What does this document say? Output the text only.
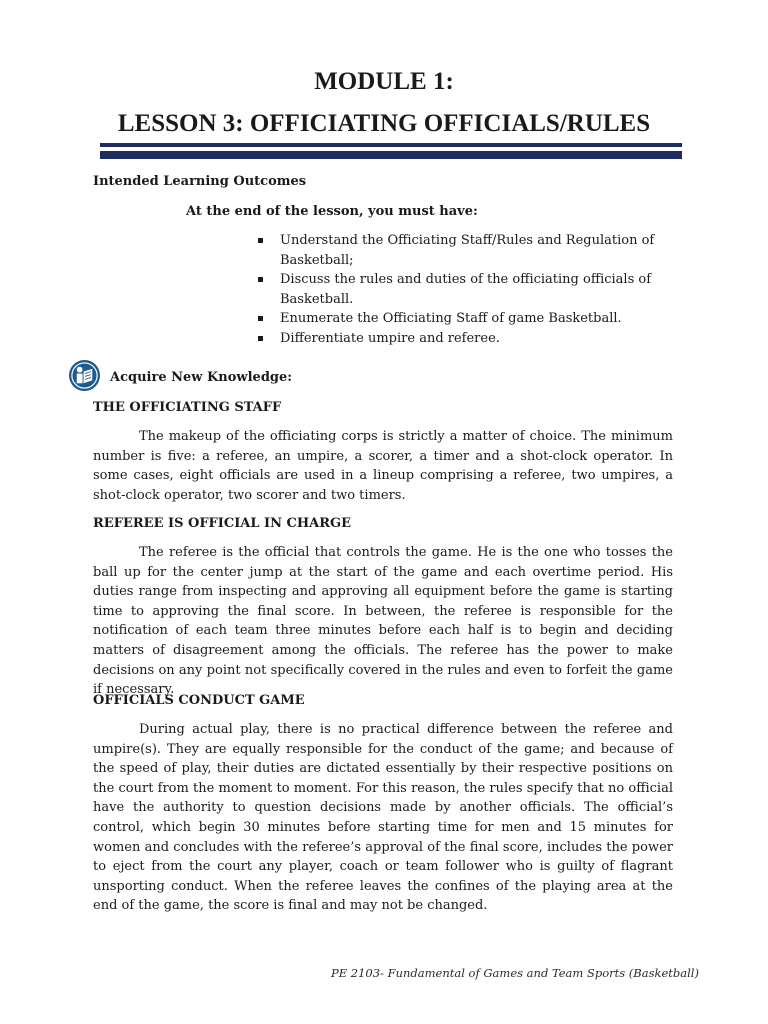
MODULE 1:
LESSON 3: OFFICIATING OFFICIALS/RULES
Intended Learning Outcomes
At the end of the lesson, you must have:
Understand the Officiating Staff/Rules and Regulation of Basketball;
Discuss the rules and duties of the officiating officials of Basketball.
Enumerate the Officiating Staff of game Basketball.
Differentiate umpire and referee.
Acquire New Knowledge:
THE OFFICIATING STAFF
The makeup of the officiating corps is strictly a matter of choice. The minimum number is five: a referee, an umpire, a scorer, a timer and a shot-clock operator. In some cases, eight officials are used in a lineup comprising a referee, two umpires, a shot-clock operator, two scorer and two timers.
REFEREE IS OFFICIAL IN CHARGE
The referee is the official that controls the game. He is the one who tosses the ball up for the center jump at the start of the game and each overtime period. His duties range from inspecting and approving all equipment before the game is starting time to approving the final score. In between, the referee is responsible for the notification of each team three minutes before each half is to begin and deciding matters of disagreement among the officials. The referee has the power to make decisions on any point not specifically covered in the rules and even to forfeit the game if necessary.
OFFICIALS CONDUCT GAME
During actual play, there is no practical difference between the referee and umpire(s). They are equally responsible for the conduct of the game; and because of the speed of play, their duties are dictated essentially by their respective positions on the court from the moment to moment. For this reason, the rules specify that no official have the authority to question decisions made by another officials. The official’s control, which begin 30 minutes before starting time for men and 15 minutes for women and concludes with the referee’s approval of the final score, includes the power to eject from the court any player, coach or team follower who is guilty of flagrant unsporting conduct. When the referee leaves the confines of the playing area at the end of the game, the score is final and may not be changed.
PE 2103- Fundamental of Games and Team Sports (Basketball)
